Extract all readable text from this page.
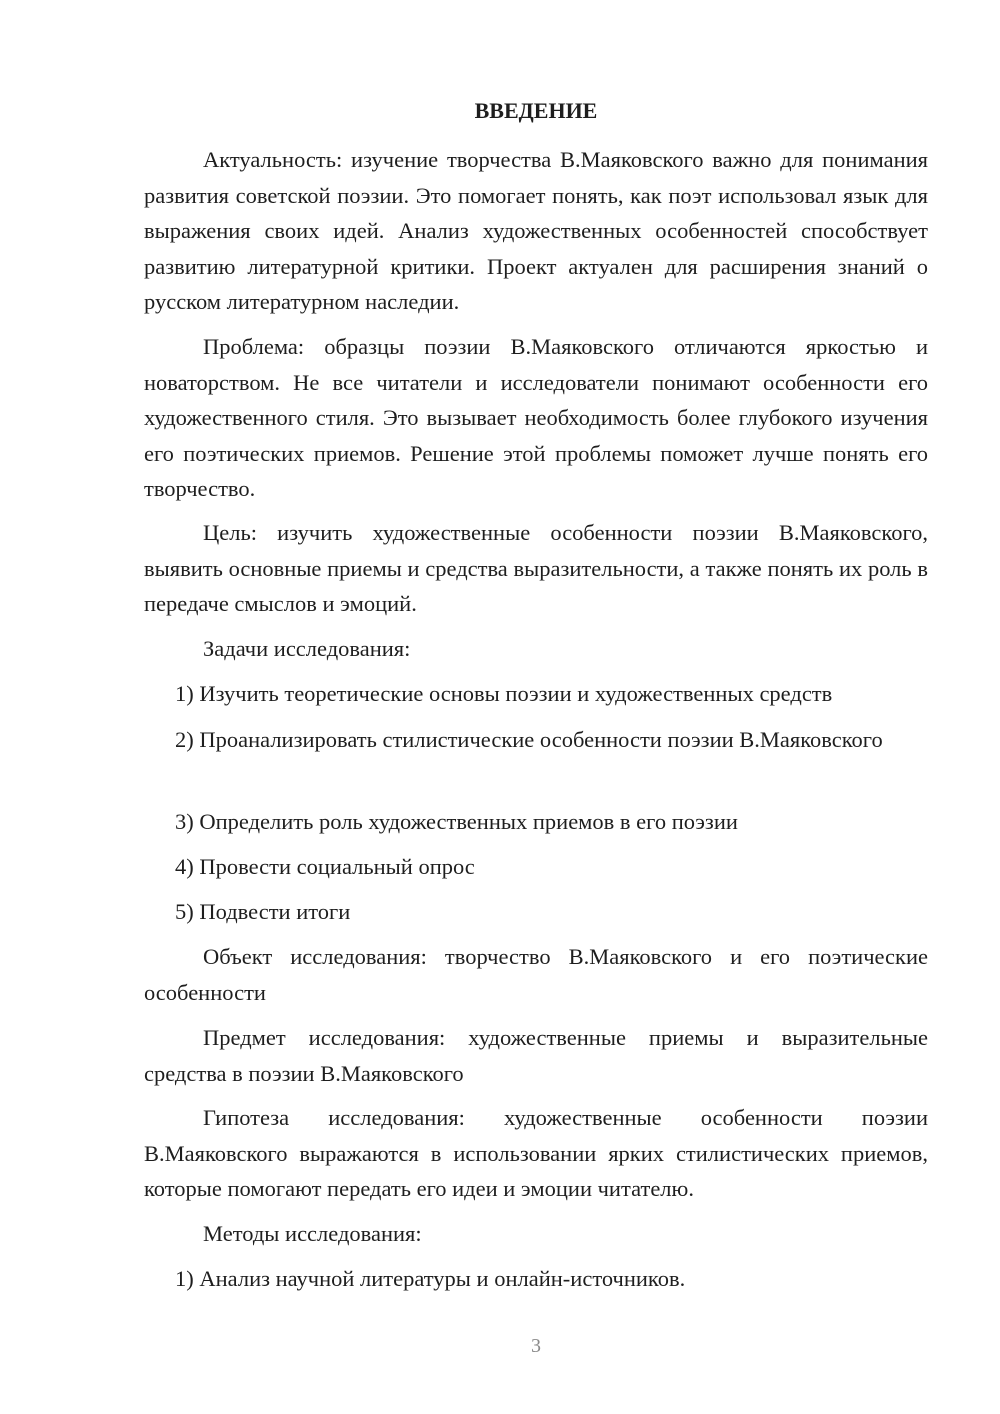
ВВЕДЕНИЕ

Актуальность: изучение творчества В.Маяковского важно для понимания развития советской поэзии. Это помогает понять, как поэт использовал язык для выражения своих идей. Анализ художественных особенностей способствует развитию литературной критики. Проект актуален для расширения знаний о русском литературном наследии.

Проблема: образцы поэзии В.Маяковского отличаются яркостью и новаторством. Не все читатели и исследователи понимают особенности его художественного стиля. Это вызывает необходимость более глубокого изучения его поэтических приемов. Решение этой проблемы поможет лучше понять его творчество.

Цель: изучить художественные особенности поэзии В.Маяковского, выявить основные приемы и средства выразительности, а также понять их роль в передаче смыслов и эмоций.

Задачи исследования:

1) Изучить теоретические основы поэзии и художественных средств

2) Проанализировать стилистические особенности поэзии В.Маяковского

3) Определить роль художественных приемов в его поэзии

4) Провести социальный опрос

5) Подвести итоги

Объект исследования: творчество В.Маяковского и его поэтические особенности

Предмет исследования: художественные приемы и выразительные средства в поэзии В.Маяковского

Гипотеза исследования: художественные особенности поэзии В.Маяковского выражаются в использовании ярких стилистических приемов, которые помогают передать его идеи и эмоции читателю.

Методы исследования:

1) Анализ научной литературы и онлайн-источников.

3
